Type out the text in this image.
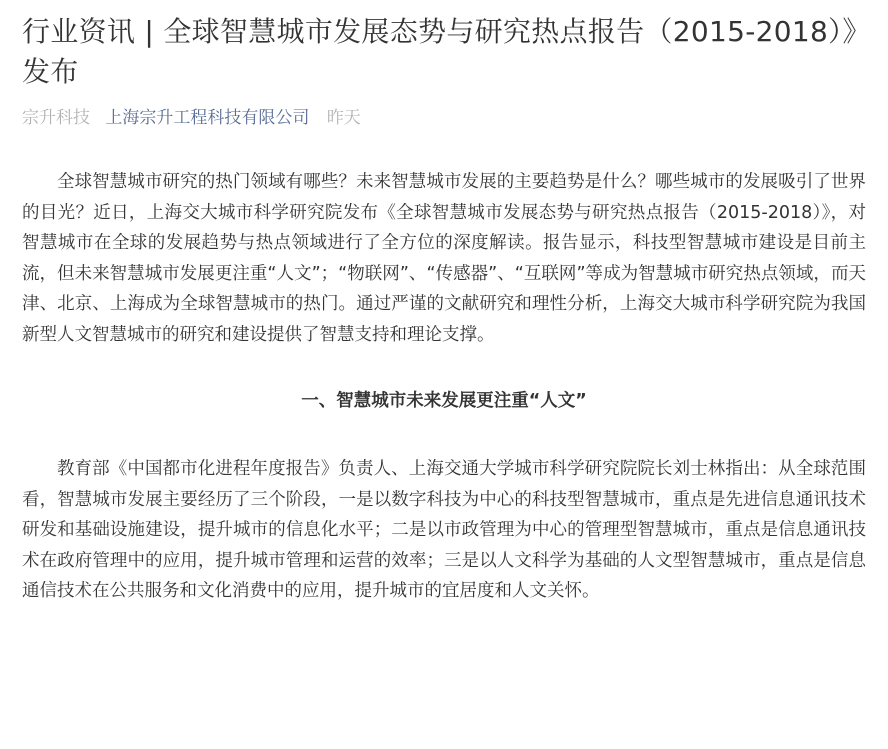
行业资讯 | 全球智慧城市发展态势与研究热点报告（2015-2018）》发布
宗升科技 上海宗升工程科技有限公司 昨天

全球智慧城市研究的热门领域有哪些？未来智慧城市发展的主要趋势是什么？哪些城市的发展吸引了世界的目光？近日，上海交大城市科学研究院发布《全球智慧城市发展态势与研究热点报告（2015-2018）》，对智慧城市在全球的发展趋势与热点领域进行了全方位的深度解读。报告显示，科技型智慧城市建设是目前主流，但未来智慧城市发展更注重“人文”；“物联网”、“传感器”、“互联网”等成为智慧城市研究热点领域，而天津、北京、上海成为全球智慧城市的热门。通过严谨的文献研究和理性分析，上海交大城市科学研究院为我国新型人文智慧城市的研究和建设提供了智慧支持和理论支撑。

一、智慧城市未来发展更注重“人文”

教育部《中国都市化进程年度报告》负责人、上海交通大学城市科学研究院院长刘士林指出：从全球范围看，智慧城市发展主要经历了三个阶段，一是以数字科技为中心的科技型智慧城市，重点是先进信息通讯技术研发和基础设施建设，提升城市的信息化水平；二是以市政管理为中心的管理型智慧城市，重点是信息通讯技术在政府管理中的应用，提升城市管理和运营的效率；三是以人文科学为基础的人文型智慧城市，重点是信息通信技术在公共服务和文化消费中的应用，提升城市的宜居度和人文关怀。
